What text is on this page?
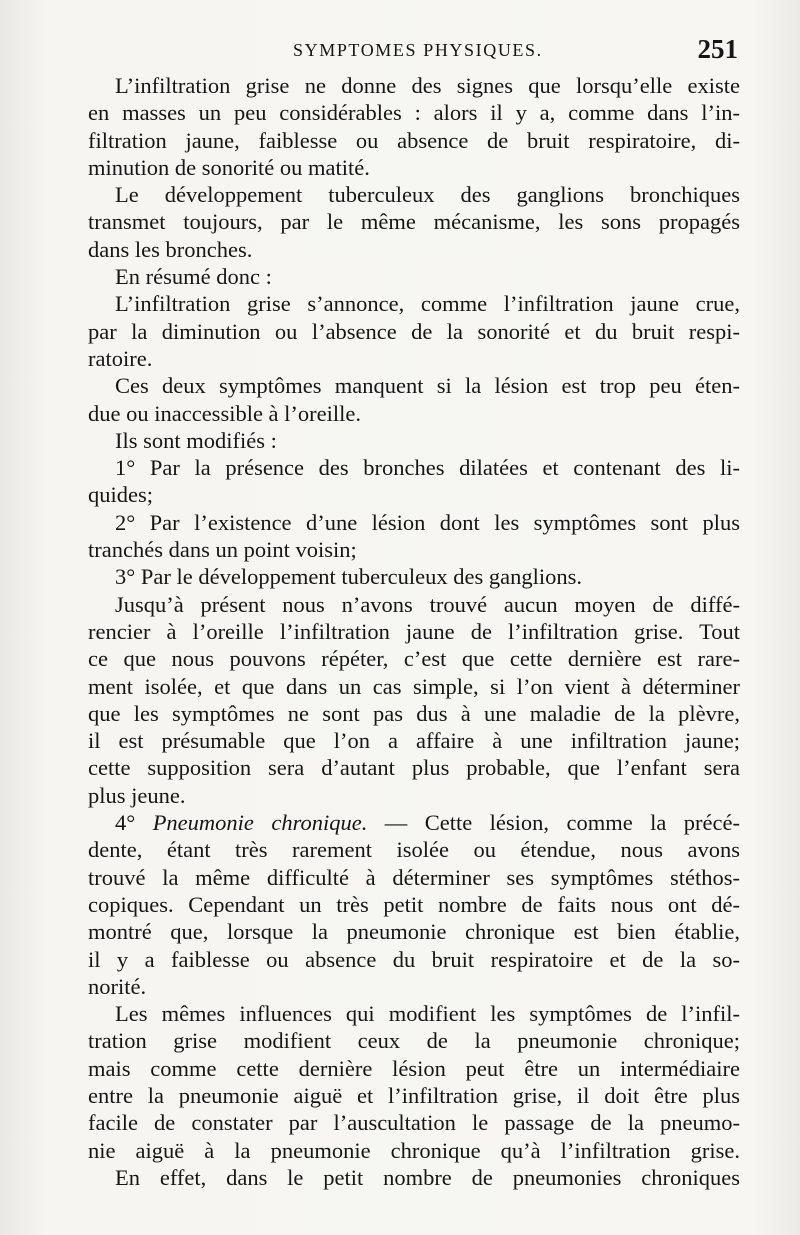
SYMPTOMES PHYSIQUES.	251
L’infiltration grise ne donne des signes que lorsqu’elle existe
en masses un peu considérables : alors il y a, comme dans l’in-
filtration jaune, faiblesse ou absence de bruit respiratoire, di-
minution de sonorité ou matité.
Le développement tuberculeux des ganglions bronchiques
transmet toujours, par le même mécanisme, les sons propagés
dans les bronches.
En résumé donc :
L’infiltration grise s’annonce, comme l’infiltration jaune crue,
par la diminution ou l’absence de la sonorité et du bruit respi-
ratoire.
Ces deux symptômes manquent si la lésion est trop peu éten-
due ou inaccessible à l’oreille.
Ils sont modifiés :
1° Par la présence des bronches dilatées et contenant des li-
quides;
2° Par l’existence d’une lésion dont les symptômes sont plus
tranchés dans un point voisin;
3° Par le développement tuberculeux des ganglions.
Jusqu’à présent nous n’avons trouvé aucun moyen de diffé-
rencier à l’oreille l’infiltration jaune de l’infiltration grise. Tout
ce que nous pouvons répéter, c’est que cette dernière est rare-
ment isolée, et que dans un cas simple, si l’on vient à déterminer
que les symptômes ne sont pas dus à une maladie de la plèvre,
il est présumable que l’on a affaire à une infiltration jaune;
cette supposition sera d’autant plus probable, que l’enfant sera
plus jeune.
4° Pneumonie chronique. — Cette lésion, comme la précé-
dente, étant très rarement isolée ou étendue, nous avons
trouvé la même difficulté à déterminer ses symptômes stéthos-
copiques. Cependant un très petit nombre de faits nous ont dé-
montré que, lorsque la pneumonie chronique est bien établie,
il y a faiblesse ou absence du bruit respiratoire et de la so-
norité.
Les mêmes influences qui modifient les symptômes de l’infil-
tration grise modifient ceux de la pneumonie chronique;
mais comme cette dernière lésion peut être un intermédiaire
entre la pneumonie aiguë et l’infiltration grise, il doit être plus
facile de constater par l’auscultation le passage de la pneumo-
nie aiguë à la pneumonie chronique qu’à l’infiltration grise.
En effet, dans le petit nombre de pneumonies chroniques
